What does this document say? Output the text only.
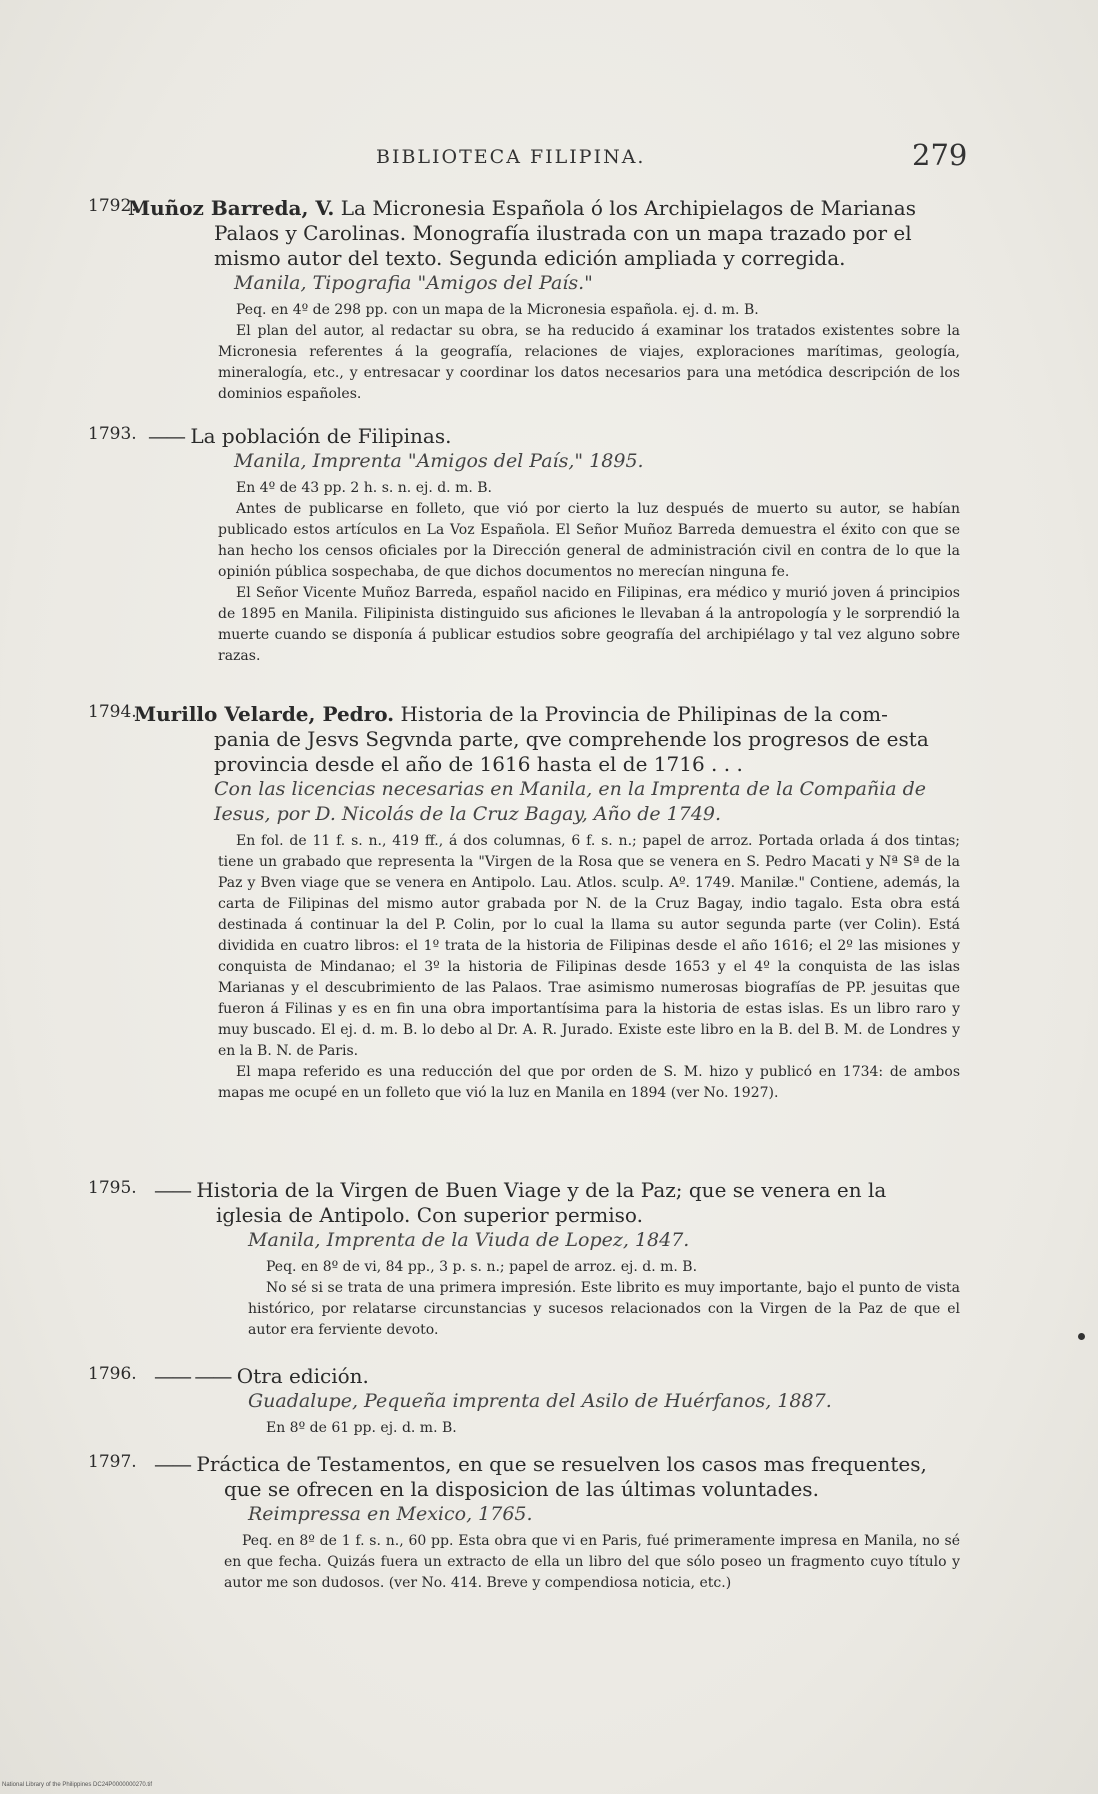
BIBLIOTECA FILIPINA.	279
1792.
Muñoz Barreda, V. La Micronesia Española ó los Archipielagos de Marianas
Palaos y Carolinas. Monografía ilustrada con un mapa trazado por el mismo autor del texto. Segunda edición ampliada y corregida.
Manila, Tipografia "Amigos del País."

Peq. en 4º de 298 pp. con un mapa de la Micronesia española. ej. d. m. B.

El plan del autor, al redactar su obra, se ha reducido á examinar los tratados existentes sobre la Micronesia referentes á la geografía, relaciones de viajes, exploraciones marítimas, geología, mineralogía, etc., y entresacar y coordinar los datos necesarios para una metódica descripción de los dominios españoles.

1793. —— La población de Filipinas.
Manila, Imprenta "Amigos del País," 1895.

En 4º de 43 pp. 2 h. s. n. ej. d. m. B.

Antes de publicarse en folleto, que vió por cierto la luz después de muerto su autor, se habían publicado estos artículos en La Voz Española. El Señor Muñoz Barreda demuestra el éxito con que se han hecho los censos oficiales por la Dirección general de administración civil en contra de lo que la opinión pública sospechaba, de que dichos documentos no merecían ninguna fe.

El Señor Vicente Muñoz Barreda, español nacido en Filipinas, era médico y murió joven á principios de 1895 en Manila. Filipinista distinguido sus aficiones le llevaban á la antropología y le sorprendió la muerte cuando se disponía á publicar estudios sobre geografía del archipiélago y tal vez alguno sobre razas.

1794.
Murillo Velarde, Pedro. Historia de la Provincia de Philipinas de la com-
pania de Jesvs Segvnda parte, qve comprehende los progresos de esta provincia desde el año de 1616 hasta el de 1716 . . .
Con las licencias necesarias en Manila, en la Imprenta de la Compañia de Iesus, por D. Nicolás de la Cruz Bagay, Año de 1749.

En fol. de 11 f. s. n., 419 ff., á dos columnas, 6 f. s. n.; papel de arroz. Portada orlada á dos tintas; tiene un grabado que representa la "Virgen de la Rosa que se venera en S. Pedro Macati y Nª Sª de la Paz y Bven viage que se venera en Antipolo. Lau. Atlos. sculp. Aº. 1749. Manilæ." Contiene, además, la carta de Filipinas del mismo autor grabada por N. de la Cruz Bagay, indio tagalo. Esta obra está destinada á continuar la del P. Colin, por lo cual la llama su autor segunda parte (ver Colin). Está dividida en cuatro libros: el 1º trata de la historia de Filipinas desde el año 1616; el 2º las misiones y conquista de Mindanao; el 3º la historia de Filipinas desde 1653 y el 4º la conquista de las islas Marianas y el descubrimiento de las Palaos. Trae asimismo numerosas biografías de PP. jesuitas que fueron á Filinas y es en fin una obra importantísima para la historia de estas islas. Es un libro raro y muy buscado. El ej. d. m. B. lo debo al Dr. A. R. Jurado. Existe este libro en la B. del B. M. de Londres y en la B. N. de Paris.

El mapa referido es una reducción del que por orden de S. M. hizo y publicó en 1734: de ambos mapas me ocupé en un folleto que vió la luz en Manila en 1894 (ver No. 1927).

1795. —— Historia de la Virgen de Buen Viage y de la Paz; que se venera en la
iglesia de Antipolo. Con superior permiso.
Manila, Imprenta de la Viuda de Lopez, 1847.

Peq. en 8º de vi, 84 pp., 3 p. s. n.; papel de arroz. ej. d. m. B.

No sé si se trata de una primera impresión. Este librito es muy importante, bajo el punto de vista histórico, por relatarse circunstancias y sucesos relacionados con la Virgen de la Paz de que el autor era ferviente devoto.

1796. —— —— Otra edición.
Guadalupe, Pequeña imprenta del Asilo de Huérfanos, 1887.

En 8º de 61 pp. ej. d. m. B.

1797. —— Práctica de Testamentos, en que se resuelven los casos mas frequentes,
que se ofrecen en la disposicion de las últimas voluntades.
Reimpressa en Mexico, 1765.

Peq. en 8º de 1 f. s. n., 60 pp. Esta obra que vi en Paris, fué primeramente impresa en Manila, no sé en que fecha. Quizás fuera un extracto de ella un libro del que sólo poseo un fragmento cuyo título y autor me son dudosos. (ver No. 414. Breve y compendiosa noticia, etc.)

National Library of the Philippines DC24P0000000270.tif
